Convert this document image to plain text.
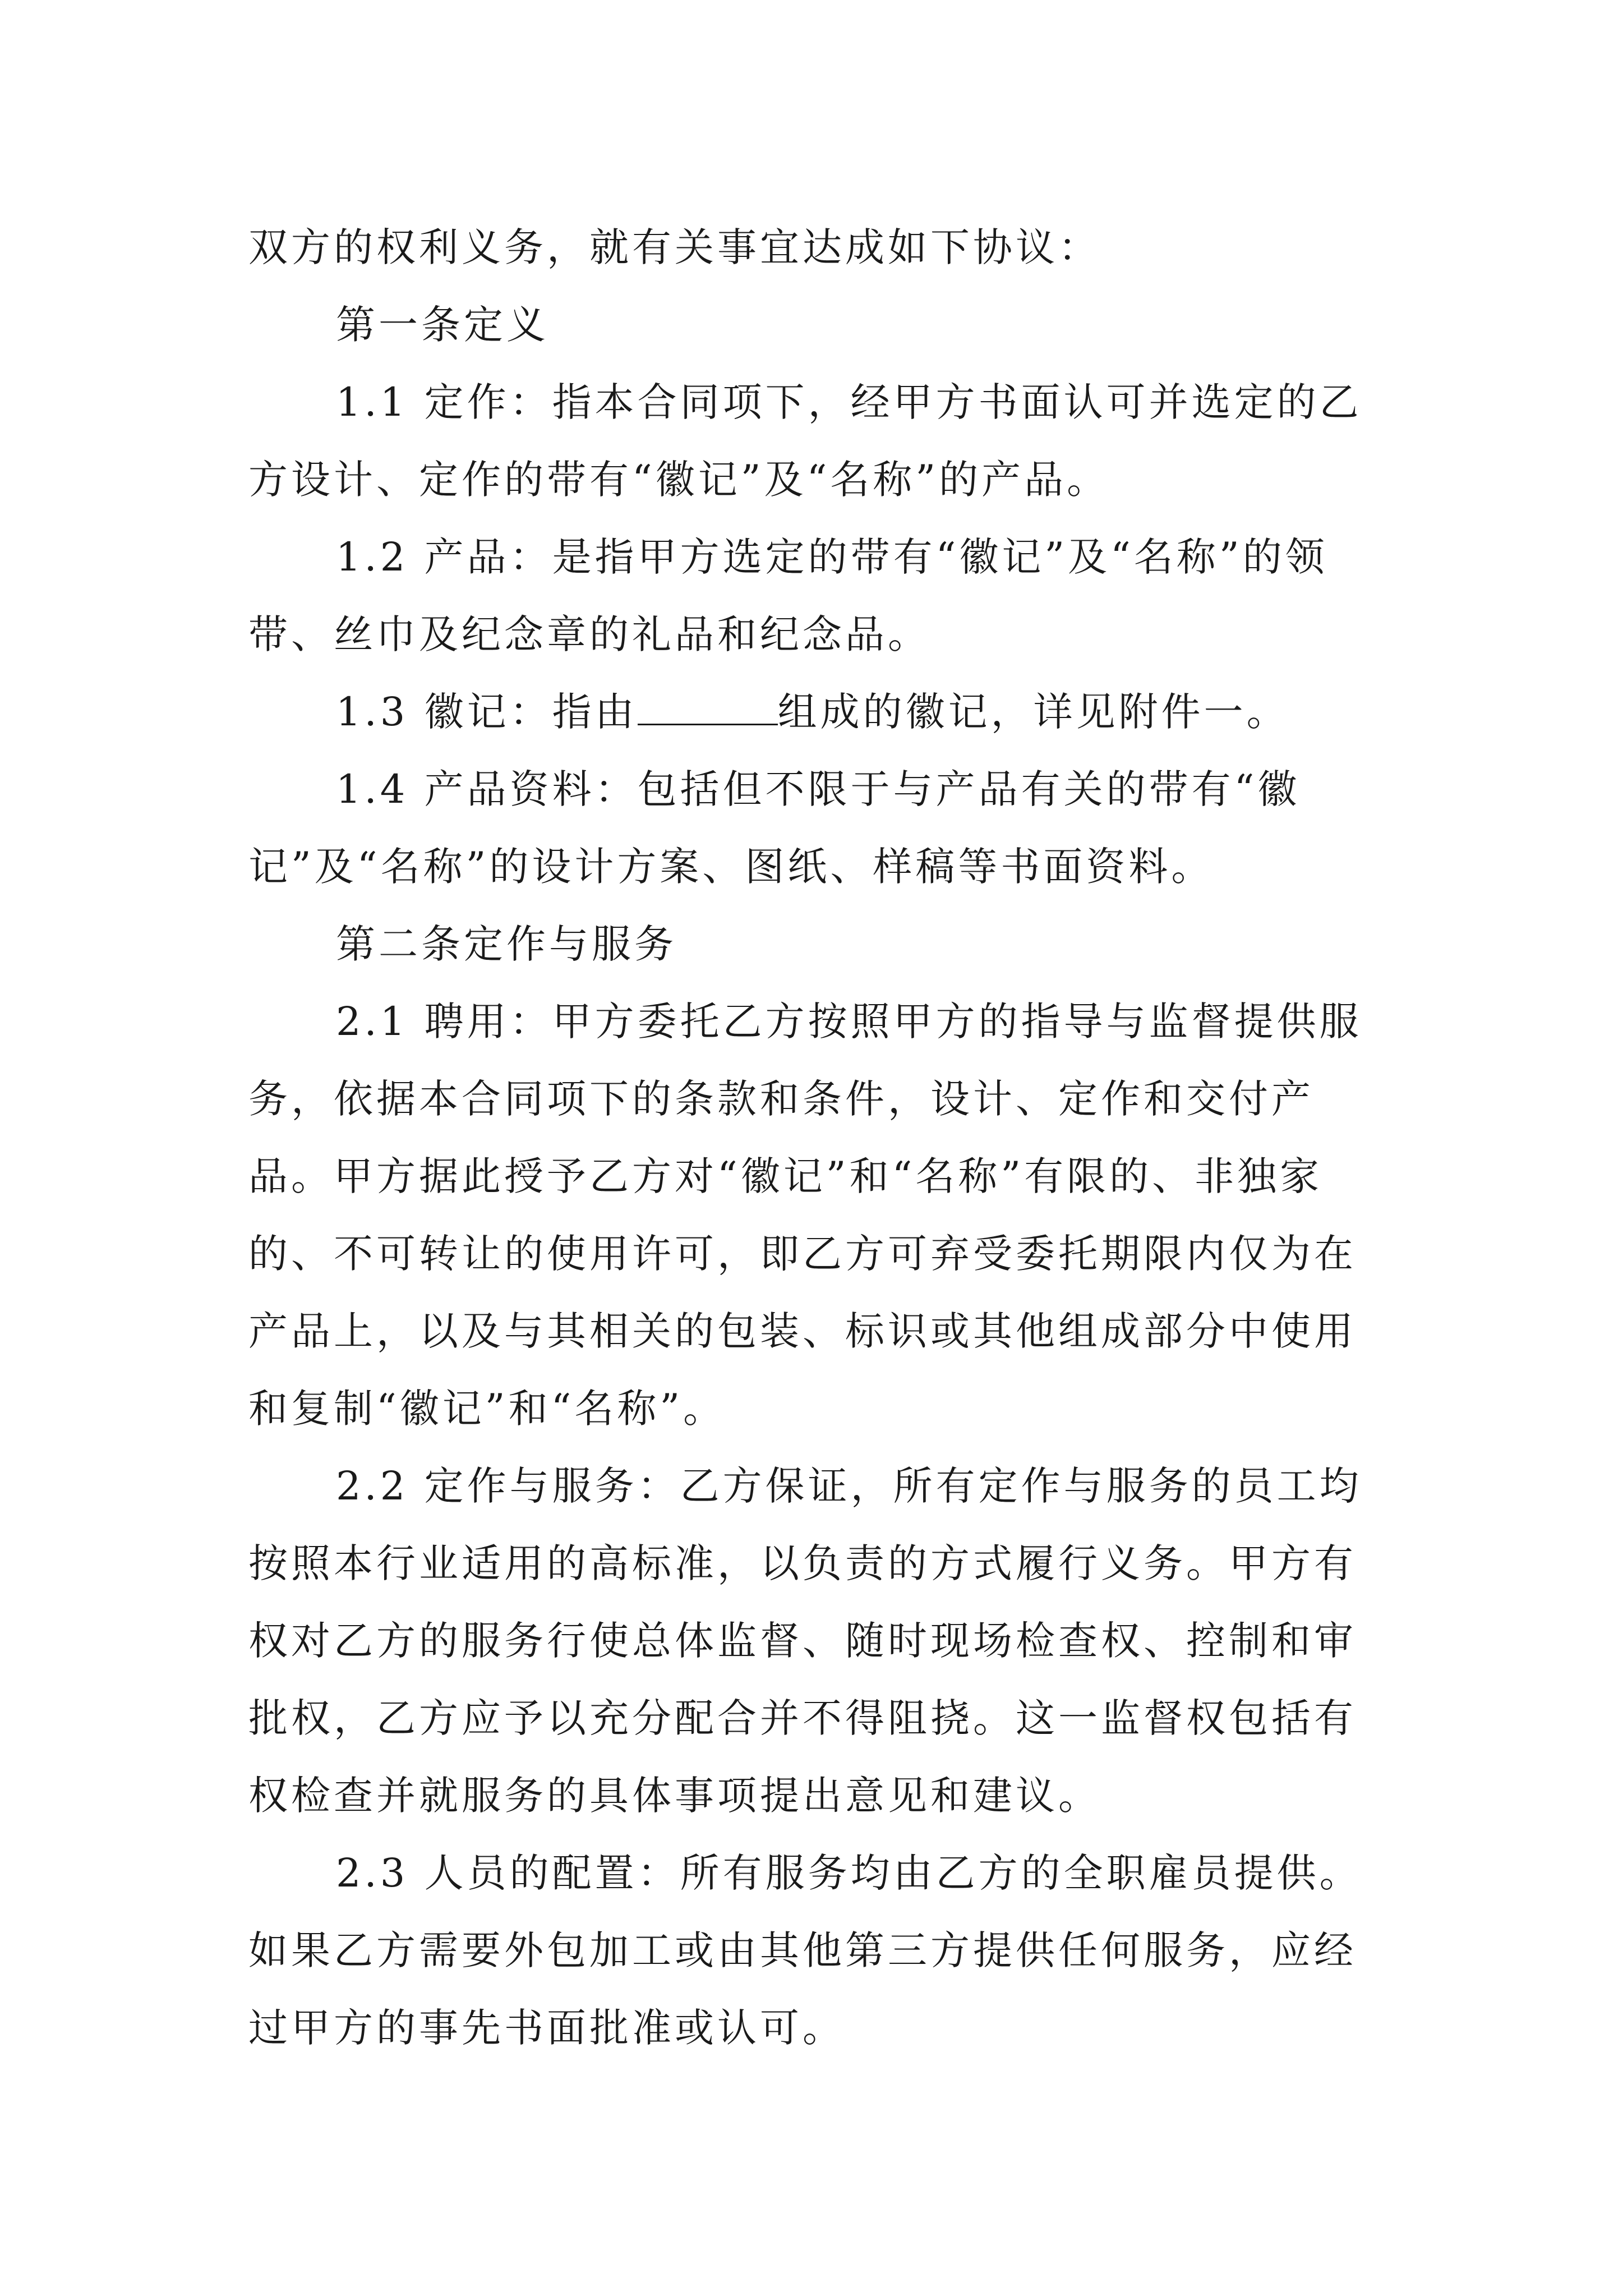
双方的权利义务，就有关事宜达成如下协议：

第一条定义

1.1 定作：指本合同项下，经甲方书面认可并选定的乙方设计、定作的带有“徽记”及“名称”的产品。

1.2 产品：是指甲方选定的带有“徽记”及“名称”的领带、丝巾及纪念章的礼品和纪念品。

1.3 徽记：指由	组成的徽记，详见附件一。

1.4 产品资料：包括但不限于与产品有关的带有“徽记”及“名称”的设计方案、图纸、样稿等书面资料。

第二条定作与服务

2.1 聘用：甲方委托乙方按照甲方的指导与监督提供服务，依据本合同项下的条款和条件，设计、定作和交付产品。甲方据此授予乙方对“徽记”和“名称”有限的、非独家的、不可转让的使用许可，即乙方可弃受委托期限内仅为在产品上，以及与其相关的包装、标识或其他组成部分中使用和复制“徽记”和“名称”。

2.2 定作与服务：乙方保证，所有定作与服务的员工均按照本行业适用的高标准，以负责的方式履行义务。甲方有权对乙方的服务行使总体监督、随时现场检查权、控制和审批权，乙方应予以充分配合并不得阻挠。这一监督权包括有权检查并就服务的具体事项提出意见和建议。

2.3 人员的配置：所有服务均由乙方的全职雇员提供。如果乙方需要外包加工或由其他第三方提供任何服务，应经过甲方的事先书面批准或认可。
